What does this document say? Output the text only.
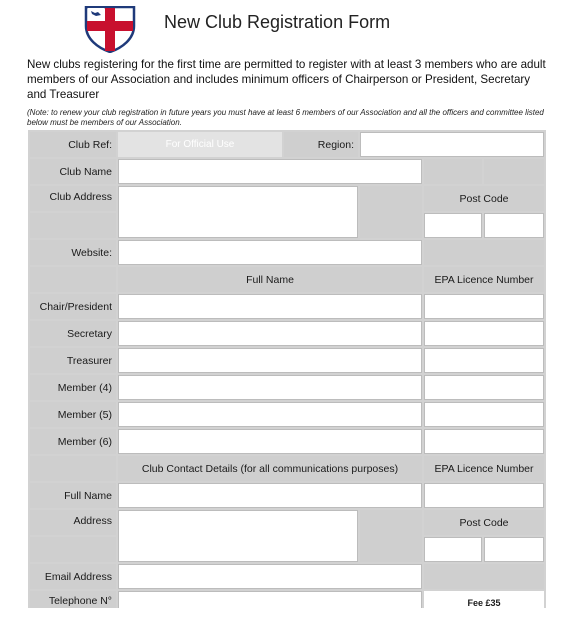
New Club Registration Form
New clubs registering for the first time are permitted to register with at least 3 members who are adult members of our Association and includes minimum officers of Chairperson or President, Secretary and Treasurer
(Note: to renew your club registration in future years you must have at least 6 members of our Association and all the officers and committee listed below must be members of our Association.
Club Ref:	For Official Use	Region:
Club Name
Club Address	Post Code
Website:
Full Name	EPA Licence Number
Chair/President
Secretary
Treasurer
Member (4)
Member (5)
Member (6)
Club Contact Details (for all communications purposes)	EPA Licence Number
Full Name
Address	Post Code
Email Address
Telephone N°	Fee £35
